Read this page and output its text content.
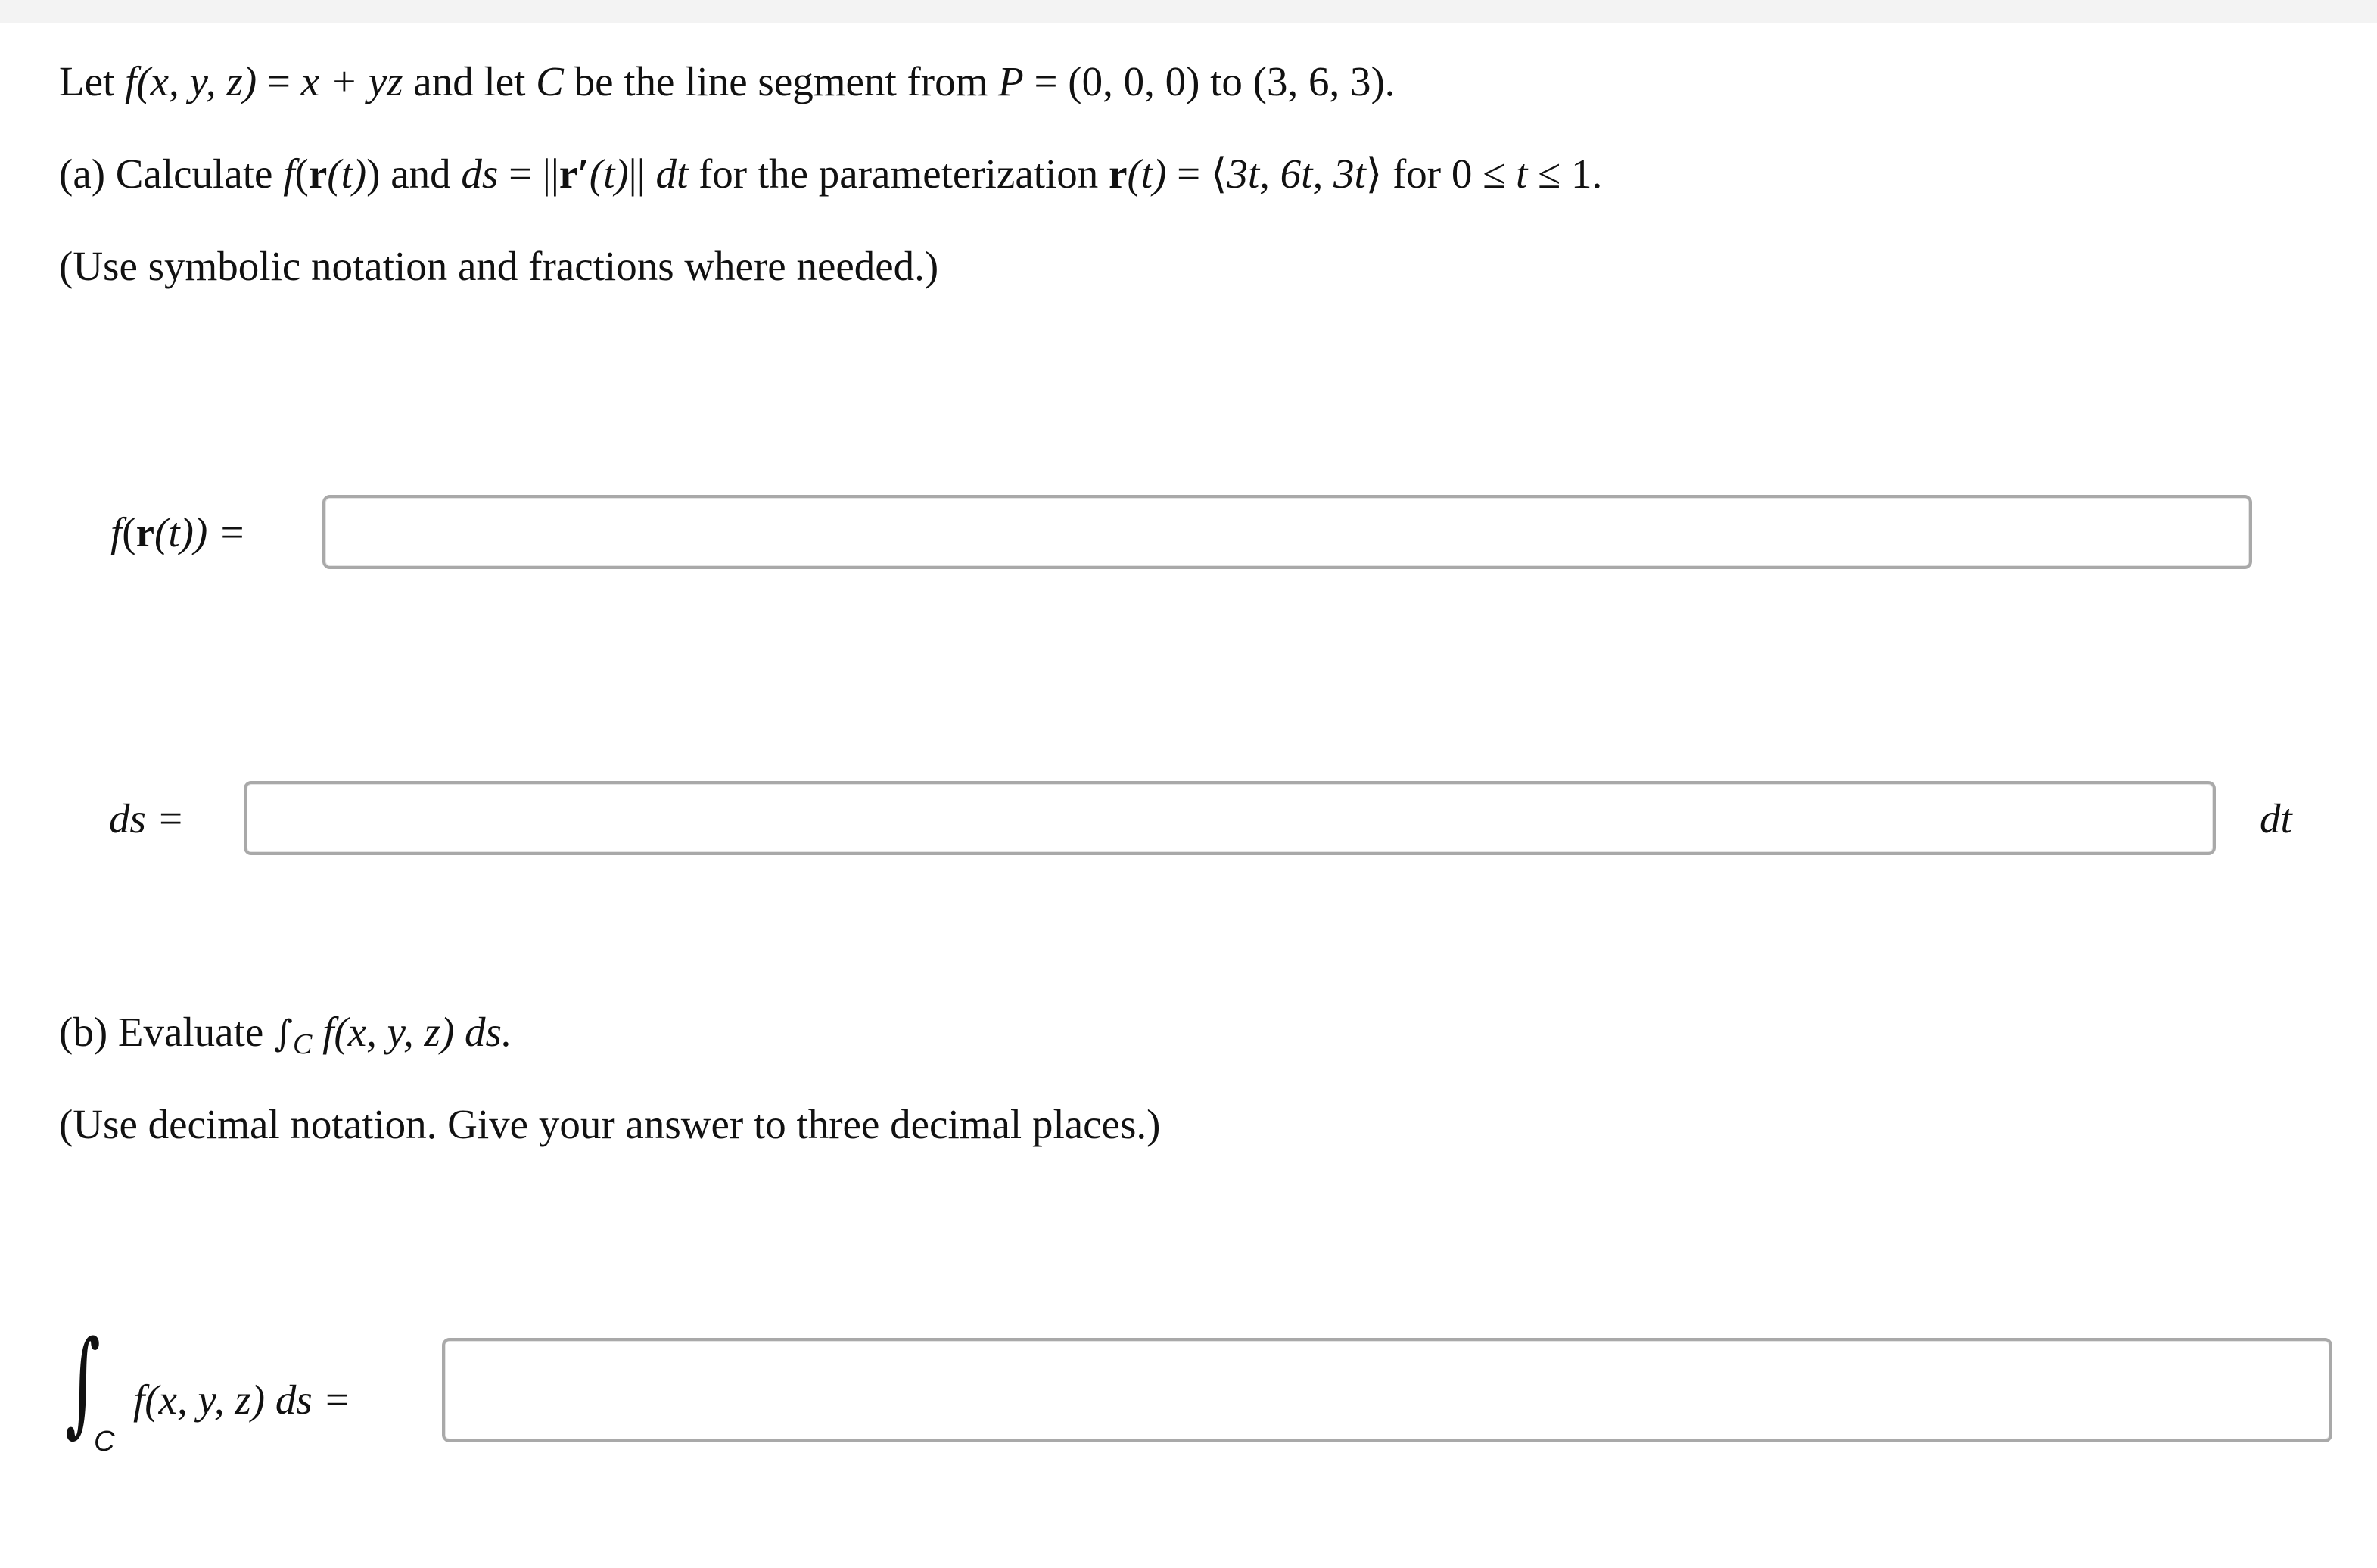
Let f(x, y, z) = x + yz and let C be the line segment from P = (0, 0, 0) to (3, 6, 3).
(a) Calculate f(r(t)) and ds = ||r′(t)|| dt for the parameterization r(t) = ⟨3t, 6t, 3t⟩ for 0 ≤ t ≤ 1.
(Use symbolic notation and fractions where needed.)
f(r(t)) =
ds =	dt
(b) Evaluate $\int_C$ f(x, y, z) ds.
(Use decimal notation. Give your answer to three decimal places.)
∫
C
f(x, y, z) ds =
